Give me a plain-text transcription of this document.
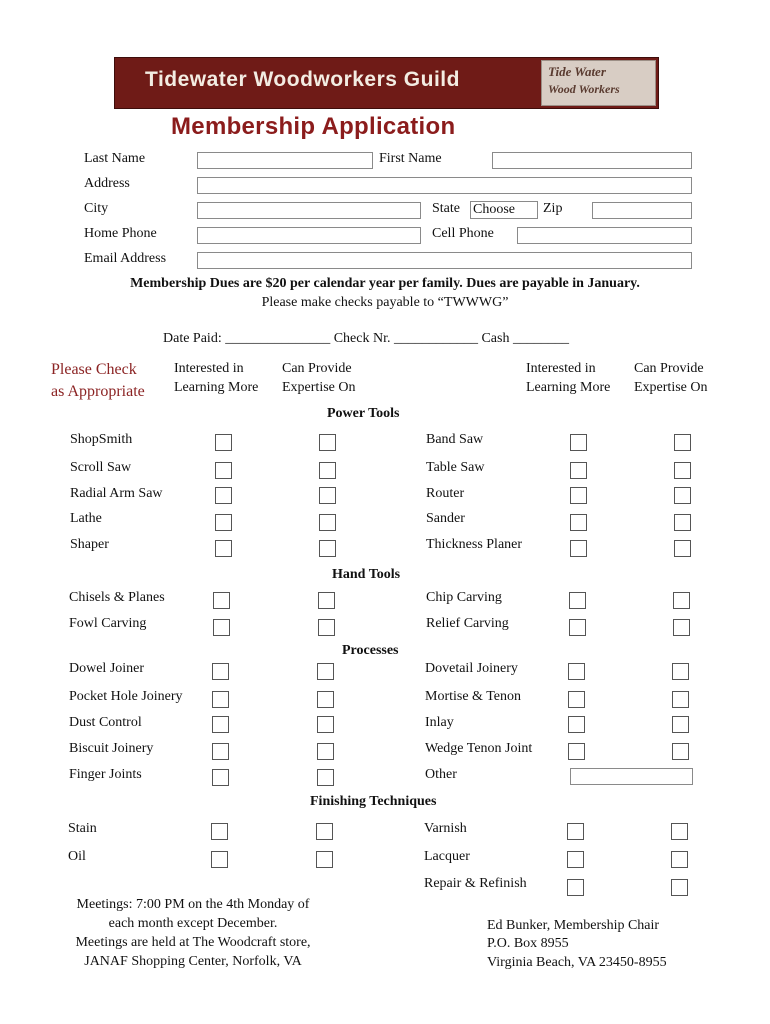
Tidewater Woodworkers Guild	Tide Water
Wood Workers
Membership Application
Last Name	First Name
Address
City	State Choose	Zip
Home Phone	Cell Phone
Email Address
Membership Dues are $20 per calendar year per family. Dues are payable in January.
Please make checks payable to “TWWWG”
Date Paid: _______________ Check Nr. ____________ Cash ________
Please Check
as Appropriate
Interested in
Learning More
Can Provide
Expertise On
Interested in
Learning More
Can Provide
Expertise On
Power Tools
ShopSmith	Band Saw
Scroll Saw	Table Saw
Radial Arm Saw	Router
Lathe	Sander
Shaper	Thickness Planer
Hand Tools
Chisels & Planes	Chip Carving
Fowl Carving	Relief Carving
Processes
Dowel Joiner	Dovetail Joinery
Pocket Hole Joinery	Mortise & Tenon
Dust Control	Inlay
Biscuit Joinery	Wedge Tenon Joint
Finger Joints	Other
Finishing Techniques
Stain	Varnish
Oil	Lacquer
Repair & Refinish
Meetings: 7:00 PM on the 4th Monday of
each month except December.
Meetings are held at The Woodcraft store,
JANAF Shopping Center, Norfolk, VA
Ed Bunker, Membership Chair
P.O. Box 8955
Virginia Beach, VA 23450-8955
